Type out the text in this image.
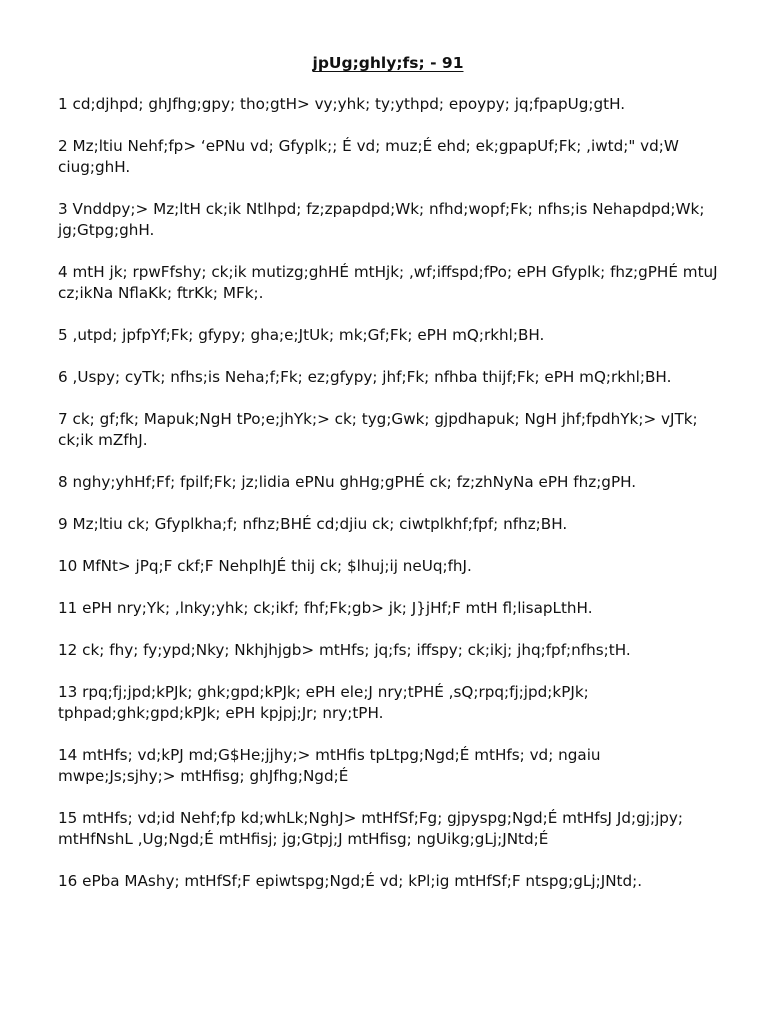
jpUg;ghly;fs; - 91

1 cd;djhpd; ghJfhg;gpy; tho;gtH> vy;yhk; ty;ythpd; epoypy; jq;fpapUg;gtH.

2 Mz;ltiu Nehf;fp> ‘ePNu vd; Gfyplk;; É vd; muz;É ehd; ek;gpapUf;Fk; ,iwtd;" vd;W ciug;ghH.

3 Vnddpy;> Mz;ltH ck;ik Ntlhpd; fz;zpapdpd;Wk; nfhd;wopf;Fk; nfhs;is Nehapdpd;Wk; jg;Gtpg;ghH.

4 mtH jk; rpwFfshy; ck;ik mutizg;ghHÉ mtHjk; ,wf;iffspd;fPo; ePH Gfyplk; fhz;gPHÉ mtuJ cz;ikNa NflaKk; ftrKk; MFk;.

5 ,utpd; jpfpYf;Fk; gfypy; gha;e;JtUk; mk;Gf;Fk; ePH mQ;rkhl;BH.

6 ,Uspy; cyTk; nfhs;is Neha;f;Fk; ez;gfypy; jhf;Fk; nfhba thijf;Fk; ePH mQ;rkhl;BH.

7 ck; gf;fk; Mapuk;NgH tPo;e;jhYk;> ck; tyg;Gwk; gjpdhapuk; NgH jhf;fpdhYk;> vJTk; ck;ik mZfhJ.

8 nghy;yhHf;Ff; fpilf;Fk; jz;lidia ePNu ghHg;gPHÉ ck; fz;zhNyNa ePH fhz;gPH.

9 Mz;ltiu ck; Gfyplkha;f; nfhz;BHÉ cd;djiu ck; ciwtplkhf;fpf; nfhz;BH.

10 MfNt> jPq;F ckf;F NehplhJÉ thij ck; $lhuj;ij neUq;fhJ.

11 ePH nry;Yk; ,lnky;yhk; ck;ikf; fhf;Fk;gb> jk; J}jHf;F mtH fl;lisapLthH.

12 ck; fhy; fy;ypd;Nky; Nkhjhjgb> mtHfs; jq;fs; iffspy; ck;ikj; jhq;fpf;nfhs;tH.

13 rpq;fj;jpd;kPJk; ghk;gpd;kPJk; ePH ele;J nry;tPHÉ ,sQ;rpq;fj;jpd;kPJk; tphpad;ghk;gpd;kPJk; ePH kpjpj;Jr; nry;tPH.

14 mtHfs; vd;kPJ md;G$He;jjhy;> mtHfis tpLtpg;Ngd;É mtHfs; vd; ngaiu mwpe;Js;sjhy;> mtHfisg; ghJfhg;Ngd;É

15 mtHfs; vd;id Nehf;fp kd;whLk;NghJ> mtHfSf;Fg; gjpyspg;Ngd;É mtHfsJ Jd;gj;jpy; mtHfNshL ,Ug;Ngd;É mtHfisj; jg;Gtpj;J mtHfisg; ngUikg;gLj;JNtd;É

16 ePba MAshy; mtHfSf;F epiwtspg;Ngd;É vd; kPl;ig mtHfSf;F ntspg;gLj;JNtd;.
